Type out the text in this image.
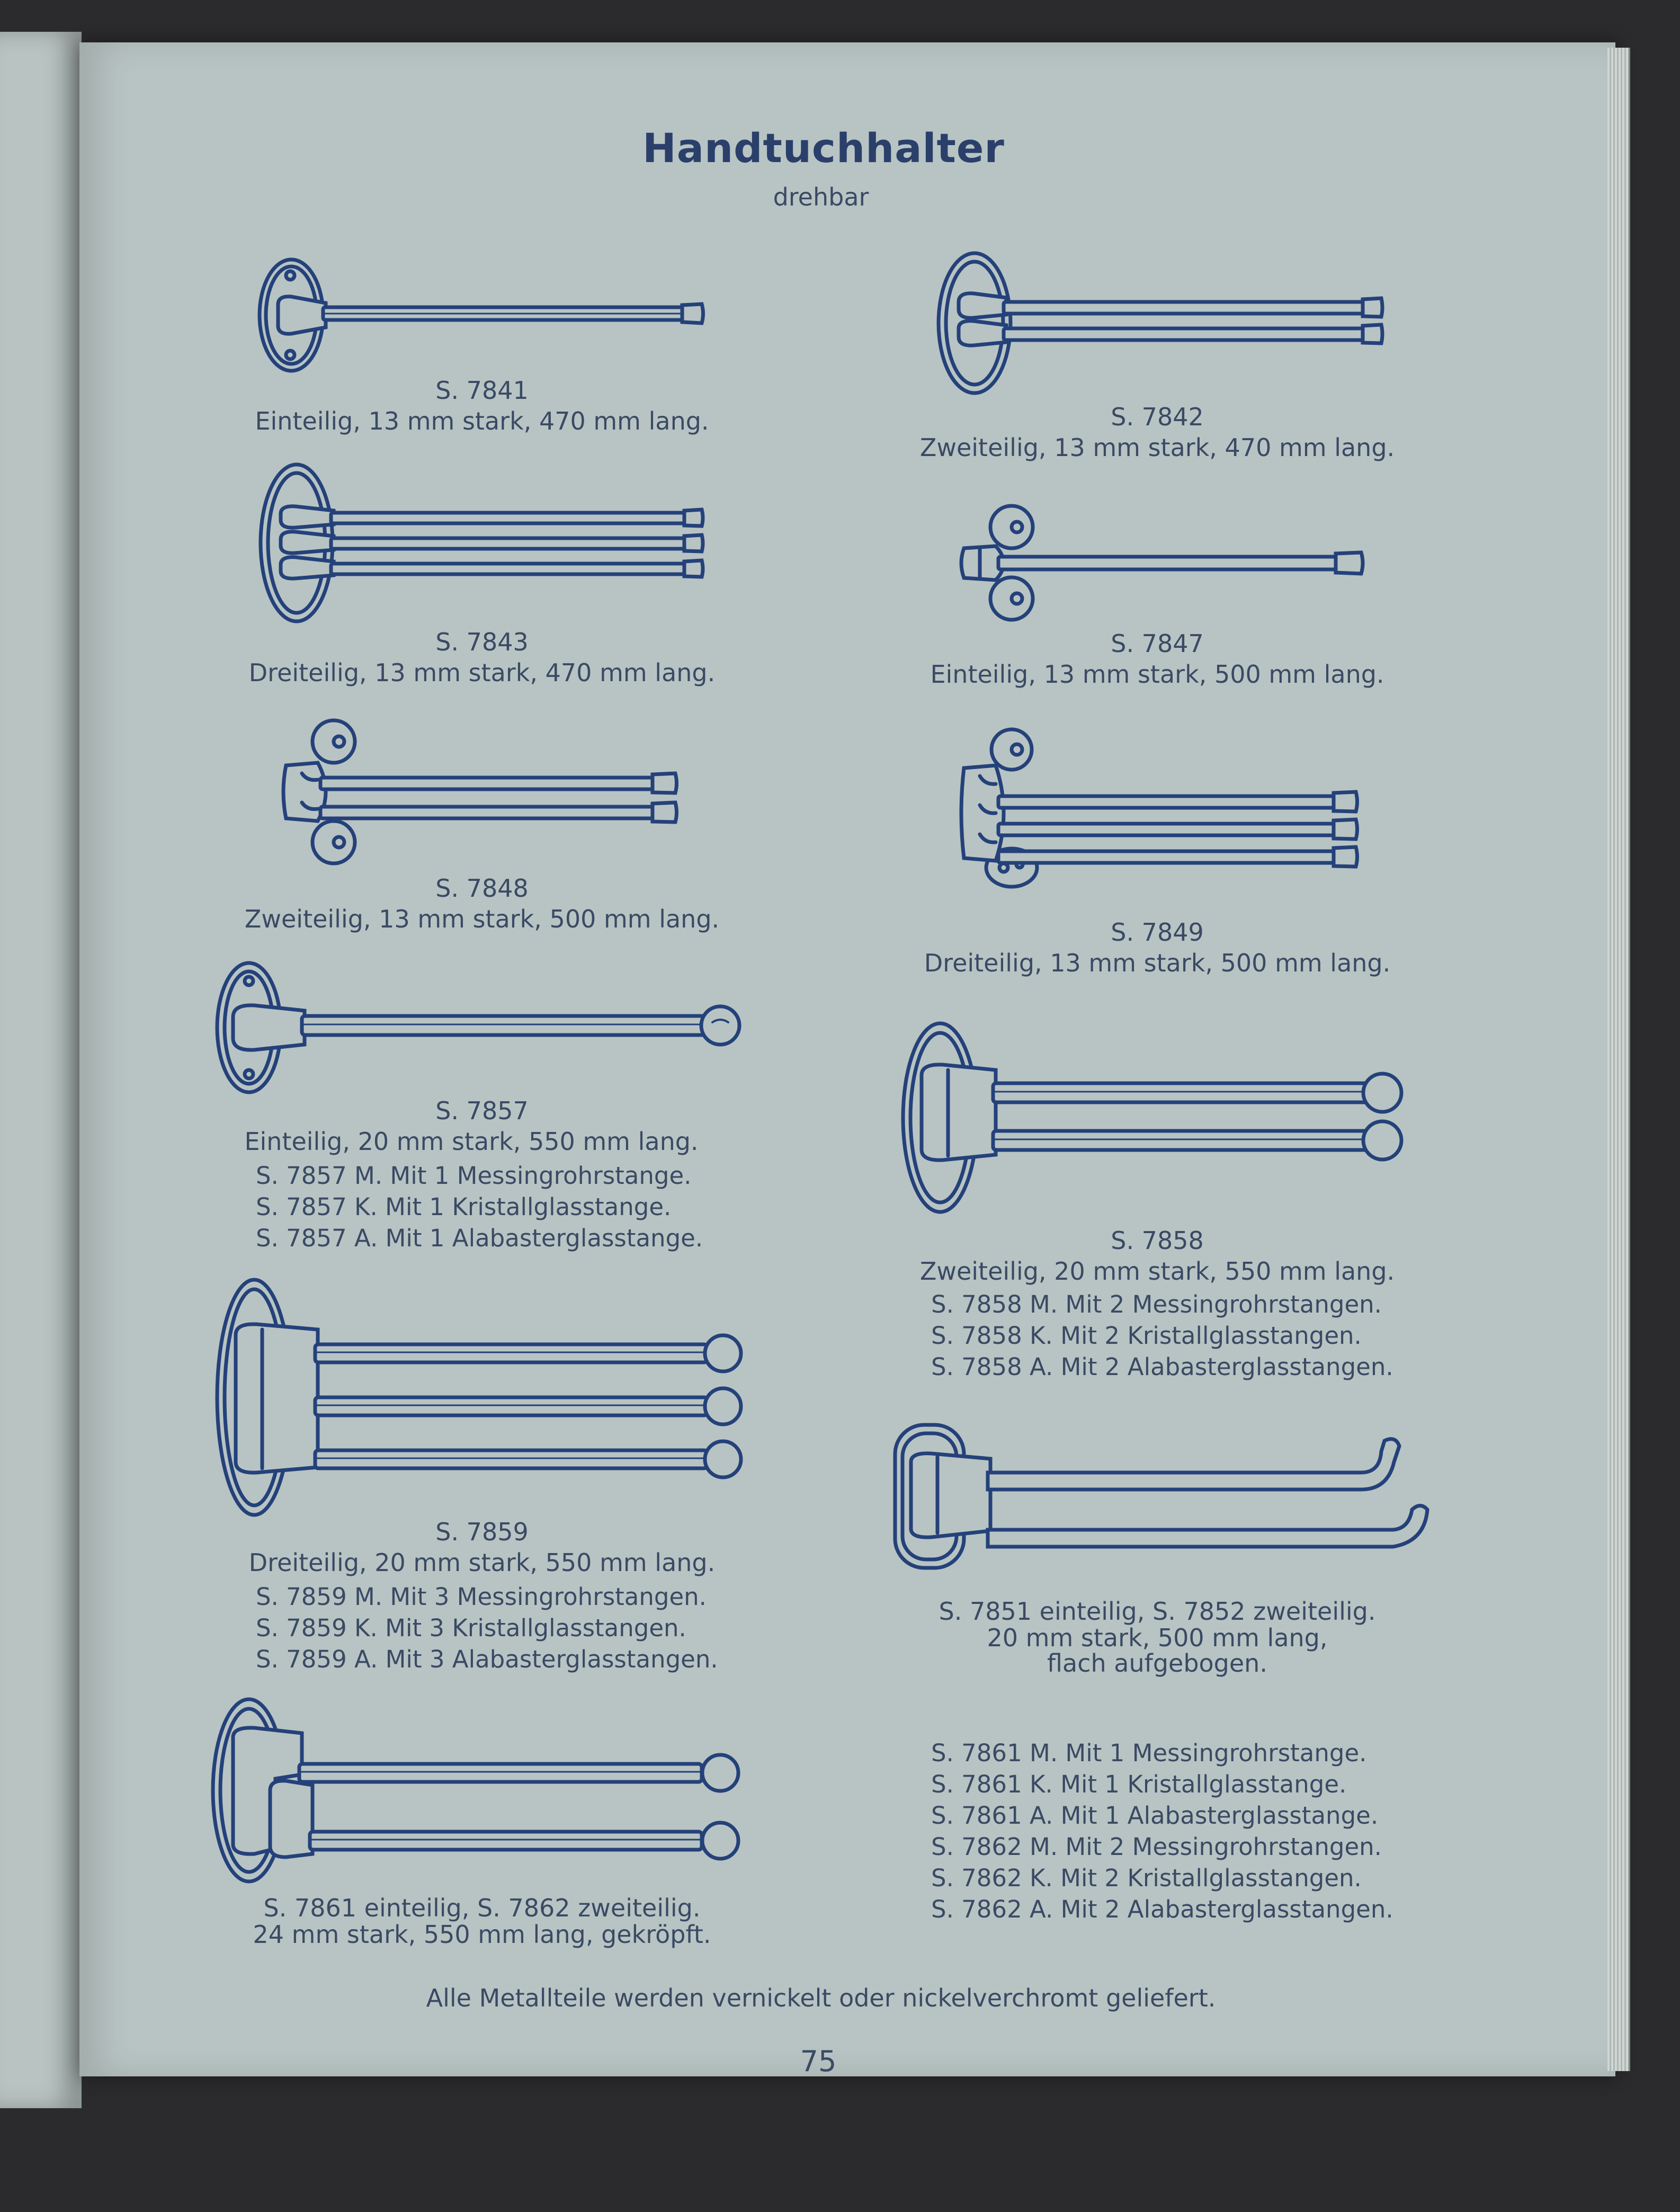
Handtuchhalter
drehbar
S. 7841
Einteilig, 13 mm stark, 470 mm lang.	S. 7842
Zweiteilig, 13 mm stark, 470 mm lang.
S. 7843
Dreiteilig, 13 mm stark, 470 mm lang.
S. 7847
Einteilig, 13 mm stark, 500 mm lang.
S. 7848
Zweiteilig, 13 mm stark, 500 mm lang.	S. 7849
Dreiteilig, 13 mm stark, 500 mm lang.
S. 7857
Einteilig, 20 mm stark, 550 mm lang.
S. 7857 M. Mit 1 Messingrohrstange.
S. 7857 K. Mit 1 Kristallglasstange.
S. 7857 A. Mit 1 Alabasterglasstange.	S. 7858
Zweiteilig, 20 mm stark, 550 mm lang.
S. 7858 M. Mit 2 Messingrohrstangen.
S. 7858 K. Mit 2 Kristallglasstangen.
S. 7858 A. Mit 2 Alabasterglasstangen.
S. 7859
Dreiteilig, 20 mm stark, 550 mm lang.
S. 7859 M. Mit 3 Messingrohrstangen.
S. 7859 K. Mit 3 Kristallglasstangen.
S. 7859 A. Mit 3 Alabasterglasstangen.
S. 7851 einteilig, S. 7852 zweiteilig.
20 mm stark, 500 mm lang,
flach aufgebogen.
S. 7861 einteilig, S. 7862 zweiteilig.
24 mm stark, 550 mm lang, gekröpft.
S. 7861 M. Mit 1 Messingrohrstange.
S. 7861 K. Mit 1 Kristallglasstange.
S. 7861 A. Mit 1 Alabasterglasstange.
S. 7862 M. Mit 2 Messingrohrstangen.
S. 7862 K. Mit 2 Kristallglasstangen.
S. 7862 A. Mit 2 Alabasterglasstangen.
Alle Metallteile werden vernickelt oder nickelverchromt geliefert.
75
